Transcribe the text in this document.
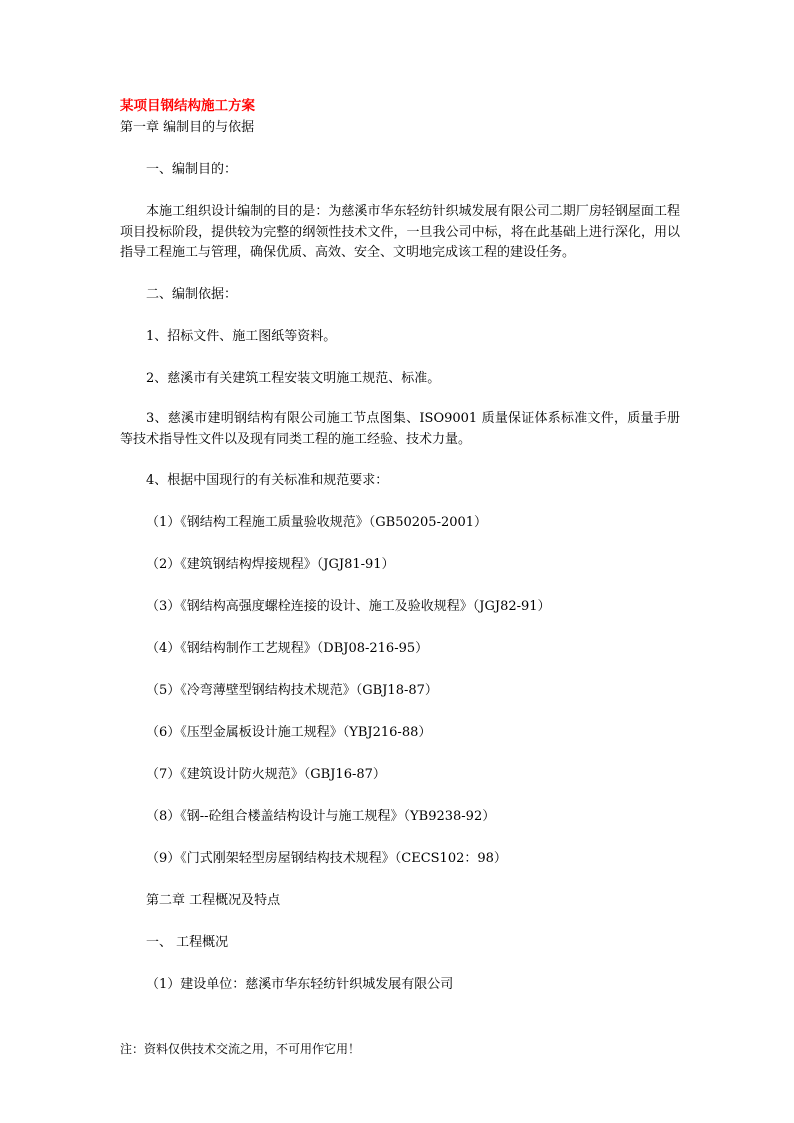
某项目钢结构施工方案
第一章 编制目的与依据
一、编制目的：
本施工组织设计编制的目的是：为慈溪市华东轻纺针织城发展有限公司二期厂房轻钢屋面工程项目投标阶段，提供较为完整的纲领性技术文件，一旦我公司中标，将在此基础上进行深化，用以指导工程施工与管理，确保优质、高效、安全、文明地完成该工程的建设任务。
二、编制依据：
1、招标文件、施工图纸等资料。
2、慈溪市有关建筑工程安装文明施工规范、标准。
3、慈溪市建明钢结构有限公司施工节点图集、ISO9001 质量保证体系标准文件，质量手册等技术指导性文件以及现有同类工程的施工经验、技术力量。
4、根据中国现行的有关标准和规范要求：
（1）《钢结构工程施工质量验收规范》（GB50205-2001）
（2）《建筑钢结构焊接规程》（JGJ81-91）
（3）《钢结构高强度螺栓连接的设计、施工及验收规程》（JGJ82-91）
（4）《钢结构制作工艺规程》（DBJ08-216-95）
（5）《冷弯薄壁型钢结构技术规范》（GBJ18-87）
（6）《压型金属板设计施工规程》（YBJ216-88）
（7）《建筑设计防火规范》（GBJ16-87）
（8）《钢--砼组合楼盖结构设计与施工规程》（YB9238-92）
（9）《门式刚架轻型房屋钢结构技术规程》（CECS102：98）
第二章 工程概况及特点
一、 工程概况
（1）建设单位：慈溪市华东轻纺针织城发展有限公司
注：资料仅供技术交流之用，不可用作它用！
